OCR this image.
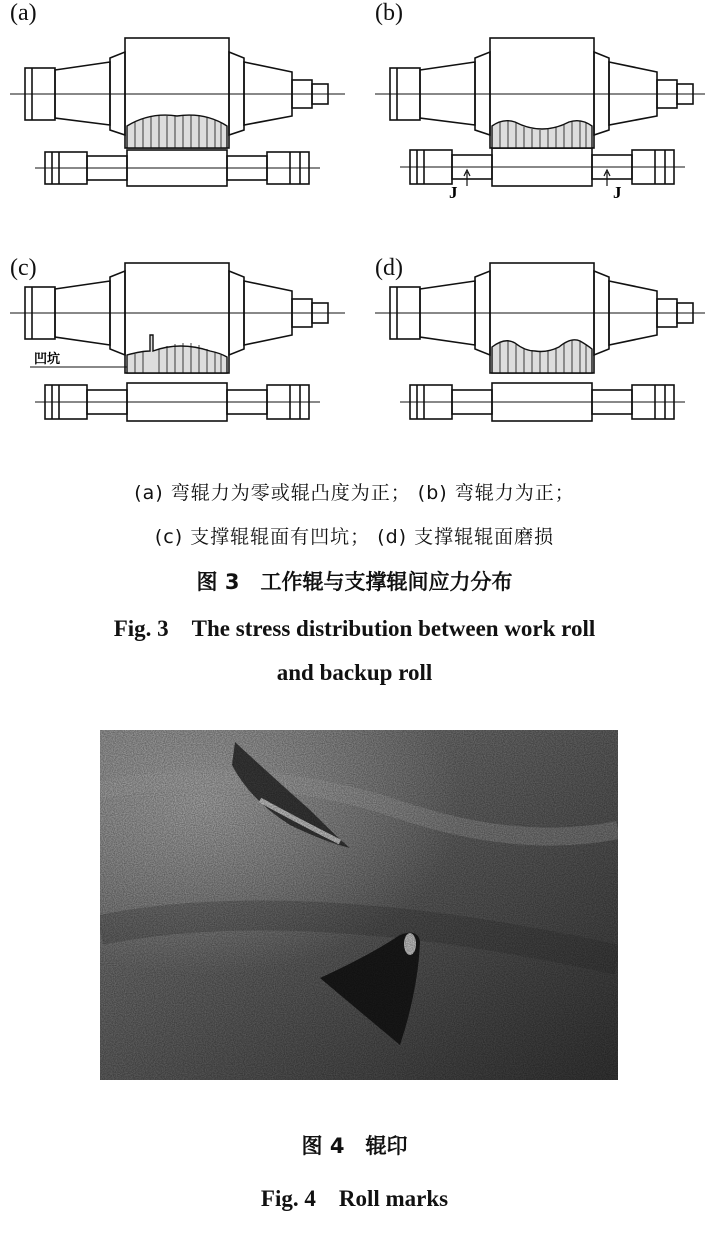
(a)	(b)
J	J
(c)
凹坑
(d)
(a) 弯辊力为零或辊凸度为正； (b) 弯辊力为正；
(c) 支撑辊辊面有凹坑； (d) 支撑辊辊面磨损
图 3　工作辊与支撑辊间应力分布
Fig. 3　The stress distribution between work roll
and backup roll
图 4　辊印
Fig. 4　Roll marks
